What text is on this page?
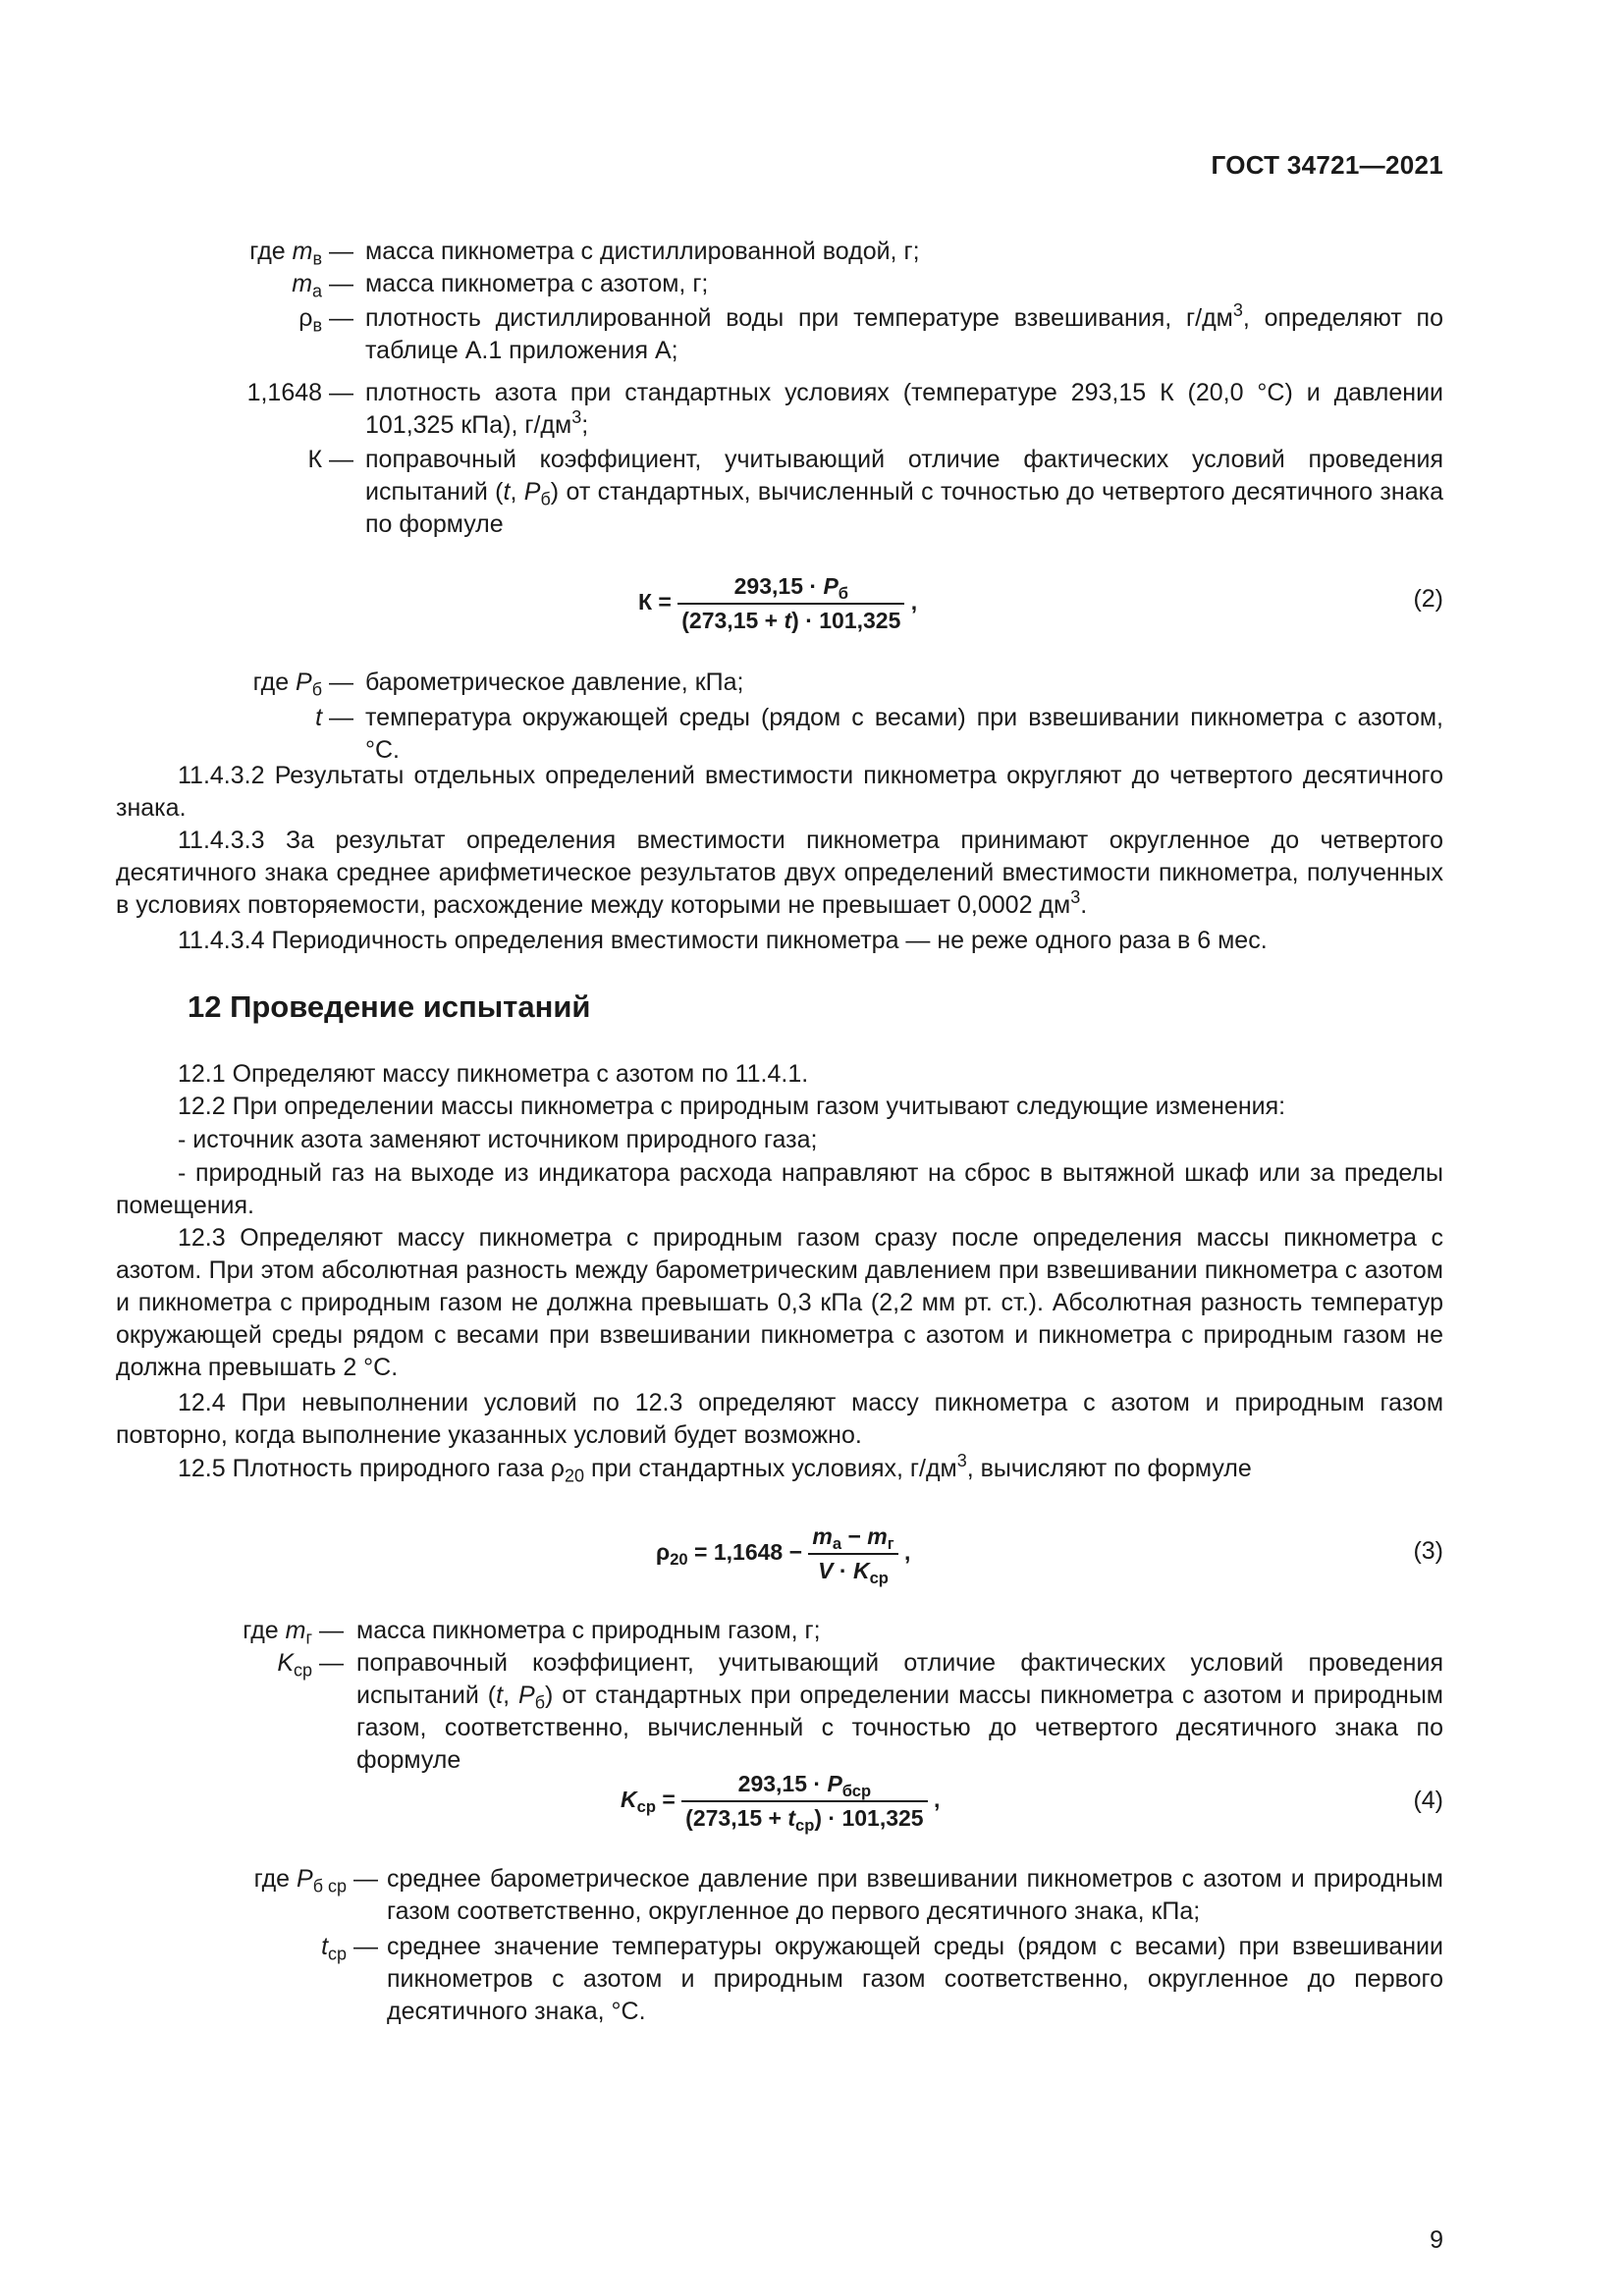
ГОСТ 34721—2021
где $m_в$ — масса пикнометра с дистиллированной водой, г;
$m_а$ — масса пикнометра с азотом, г;
$\rho_в$ — плотность дистиллированной воды при температуре взвешивания, $г/дм^3$, определяют по таблице А.1 приложения А;
1,1648 — плотность азота при стандартных условиях (температуре 293,15 К (20,0 °С) и давлении 101,325 кПа), $г/дм^3$;
К — поправочный коэффициент, учитывающий отличие фактических условий проведения испытаний (t, $P_б$) от стандартных, вычисленный с точностью до четвертого десятичного знака по формуле
$К = \frac{293,15 \cdot P_б}{(273,15 + t) \cdot 101,325}$ ,	(2)
где $P_б$ — барометрическое давление, кПа;
t — температура окружающей среды (рядом с весами) при взвешивании пикнометра с азотом, °С.
11.4.3.2 Результаты отдельных определений вместимости пикнометра округляют до четвертого десятичного знака.
11.4.3.3 За результат определения вместимости пикнометра принимают округленное до четвертого десятичного знака среднее арифметическое результатов двух определений вместимости пикнометра, полученных в условиях повторяемости, расхождение между которыми не превышает 0,0002 $дм^3$.
11.4.3.4 Периодичность определения вместимости пикнометра — не реже одного раза в 6 мес.
12 Проведение испытаний
12.1 Определяют массу пикнометра с азотом по 11.4.1.
12.2 При определении массы пикнометра с природным газом учитывают следующие изменения:
- источник азота заменяют источником природного газа;
- природный газ на выходе из индикатора расхода направляют на сброс в вытяжной шкаф или за пределы помещения.
12.3 Определяют массу пикнометра с природным газом сразу после определения массы пикнометра с азотом. При этом абсолютная разность между барометрическим давлением при взвешивании пикнометра с азотом и пикнометра с природным газом не должна превышать 0,3 кПа (2,2 мм рт. ст.). Абсолютная разность температур окружающей среды рядом с весами при взвешивании пикнометра с азотом и пикнометра с природным газом не должна превышать 2 °С.
12.4 При невыполнении условий по 12.3 определяют массу пикнометра с азотом и природным газом повторно, когда выполнение указанных условий будет возможно.
12.5 Плотность природного газа $\rho_{20}$ при стандартных условиях, $г/дм^3$, вычисляют по формуле
$\rho_{20} = 1,1648 - \frac{m_а - m_г}{V \cdot K_{ср}}$ ,	(3)
где $m_г$ — масса пикнометра с природным газом, г;
$K_{ср}$ — поправочный коэффициент, учитывающий отличие фактических условий проведения испытаний (t, $P_б$) от стандартных при определении массы пикнометра с азотом и природным газом, соответственно, вычисленный с точностью до четвертого десятичного знака по формуле
$K_{ср} = \frac{293,15 \cdot P_{бср}}{(273,15 + t_{ср}) \cdot 101,325}$ ,	(4)
где $P_{б ср}$ — среднее барометрическое давление при взвешивании пикнометров с азотом и природным газом соответственно, округленное до первого десятичного знака, кПа;
$t_{ср}$ — среднее значение температуры окружающей среды (рядом с весами) при взвешивании пикнометров с азотом и природным газом соответственно, округленное до первого десятичного знака, °С.
9
